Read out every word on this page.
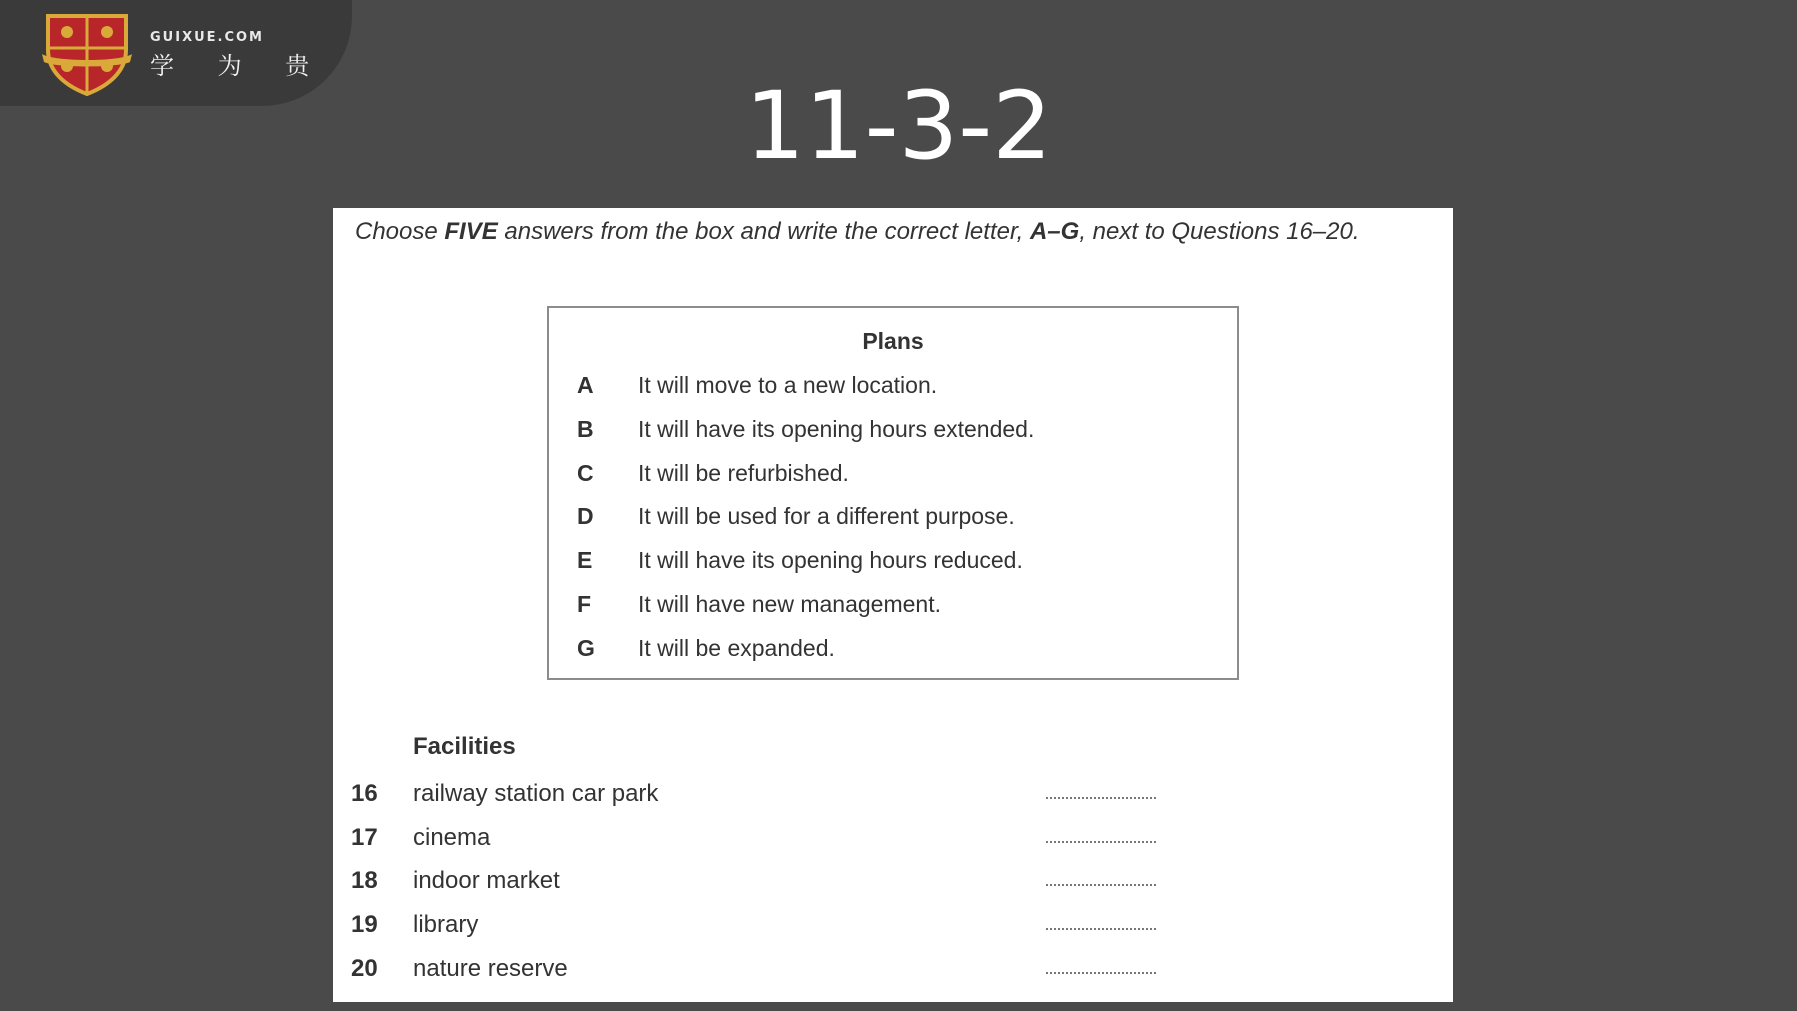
GUIXUE.COM
学 为 贵
11-3-2
Choose FIVE answers from the box and write the correct letter, A–G, next to Questions 16–20.
Plans
A It will move to a new location.
B It will have its opening hours extended.
C It will be refurbished.
D It will be used for a different purpose.
E It will have its opening hours reduced.
F It will have new management.
G It will be expanded.
Facilities
16	railway station car park
17	cinema
18	indoor market
19	library
20	nature reserve
